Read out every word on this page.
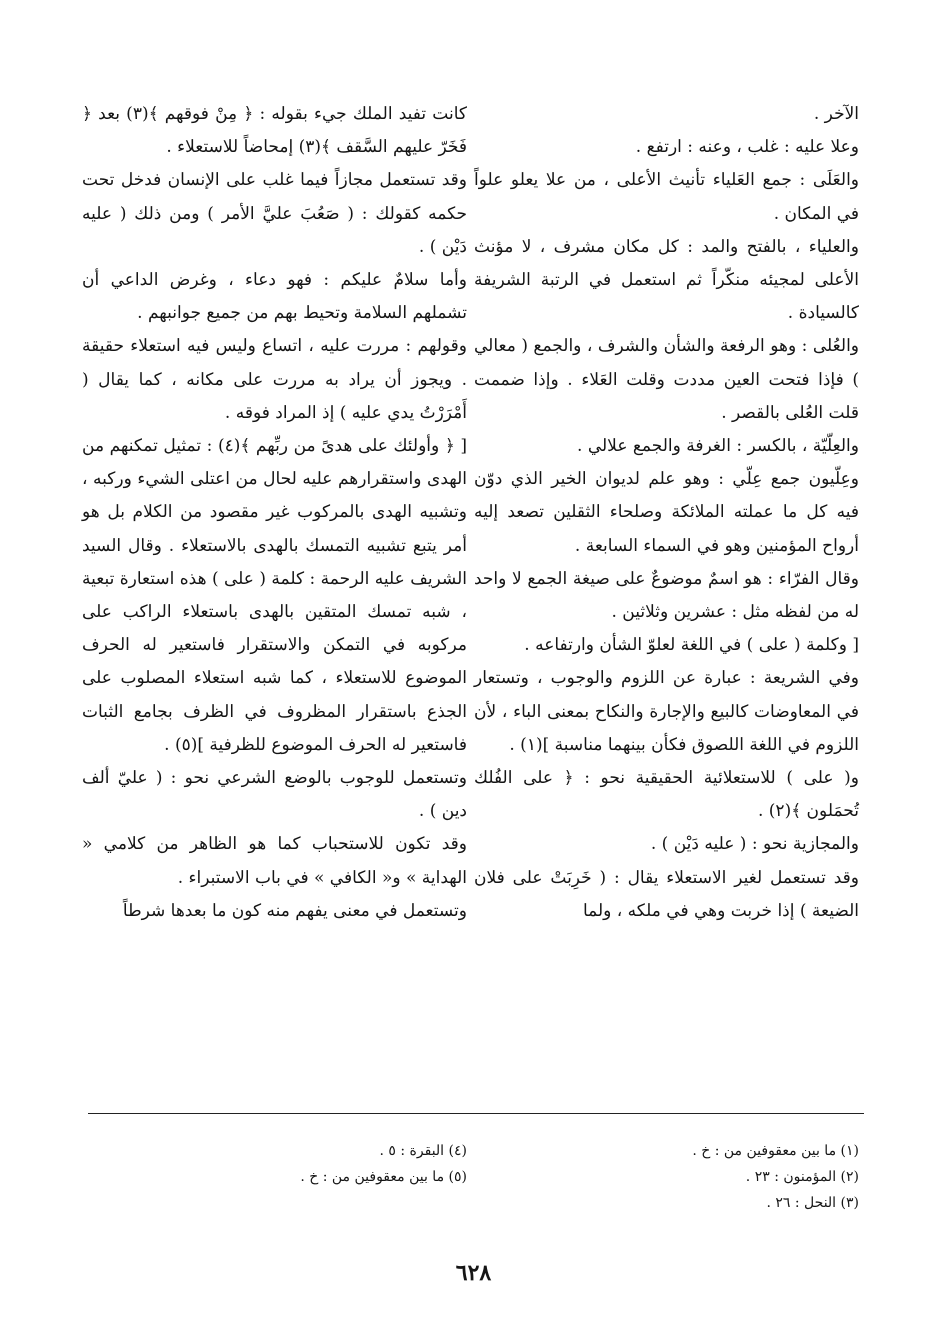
الآخر .

وعلا عليه : غلب ، وعنه : ارتفع .

والعَلَى : جمع العَلياء تأنيث الأعلى ، من علا يعلو علواً في المكان .

والعلياء ، بالفتح والمد : كل مكان مشرف ، لا مؤنث الأعلى لمجيئه منكّراً ثم استعمل في الرتبة الشريفة كالسيادة .

والعُلى : وهو الرفعة والشأن والشرف ، والجمع ( معالي ) فإذا فتحت العين مددت وقلت العَلاء . وإذا ضممت قلت العُلى بالقصر .

والعِلّيّة ، بالكسر : الغرفة والجمع علالي .

وعِلّيون جمع عِلّي : وهو علم لديوان الخير الذي دوّن فيه كل ما عملته الملائكة وصلحاء الثقلين تصعد إليه أرواح المؤمنين وهو في السماء السابعة .

وقال الفرّاء : هو اسمٌ موضوعٌ على صيغة الجمع لا واحد له من لفظه مثل : عشرين وثلاثين .

[ وكلمة ( على ) في اللغة لعلوّ الشأن وارتفاعه .

وفي الشريعة : عبارة عن اللزوم والوجوب ، وتستعار في المعاوضات كالبيع والإجارة والنكاح بمعنى الباء ، لأن اللزوم في اللغة اللصوق فكأن بينهما مناسبة ](١) .

و( على ) للاستعلائية الحقيقية نحو : ﴿ على الفُلك تُحمَلون ﴾(٢) .

والمجازية نحو : ( عليه دَيْن ) .

وقد تستعمل لغير الاستعلاء يقال : ( خَرِبَتْ على فلان الضيعة ) إذا خربت وهي في ملكه ، ولما

كانت تفيد الملك جيء بقوله : ﴿ مِنْ فوقهم ﴾(٣) بعد ﴿ فَخَرّ عليهم السَّقف ﴾(٣) إمحاضاً للاستعلاء .

وقد تستعمل مجازاً فيما غلب على الإنسان فدخل تحت حكمه كقولك : ( صَعُبَ عليَّ الأمر ) ومن ذلك ( عليه دَيْن ) .

وأما سلامٌ عليكم : فهو دعاء ، وغرض الداعي أن تشملهم السلامة وتحيط بهم من جميع جوانبهم .

وقولهم : مررت عليه ، اتساع وليس فيه استعلاء حقيقة . ويجوز أن يراد به مررت على مكانه ، كما يقال ( أَمْرَرْتُ يدي عليه ) إذ المراد فوقه .

[ ﴿ وأولئك على هدىً من ربِّهم ﴾(٤) : تمثيل تمكنهم من الهدى واستقرارهم عليه لحال من اعتلى الشيء وركبه ، وتشبيه الهدى بالمركوب غير مقصود من الكلام بل هو أمر يتبع تشبيه التمسك بالهدى بالاستعلاء . وقال السيد الشريف عليه الرحمة : كلمة ( على ) هذه استعارة تبعية ، شبه تمسك المتقين بالهدى باستعلاء الراكب على مركوبه في التمكن والاستقرار فاستعير له الحرف الموضوع للاستعلاء ، كما شبه استعلاء المصلوب على الجذع باستقرار المظروف في الظرف بجامع الثبات فاستعير له الحرف الموضوع للظرفية ](٥) .

وتستعمل للوجوب بالوضع الشرعي نحو : ( عليّ ألف دين ) .

وقد تكون للاستحباب كما هو الظاهر من كلامي « الهداية » و« الكافي » في باب الاستبراء .

وتستعمل في معنى يفهم منه كون ما بعدها شرطاً

(١) ما بين معقوفين من : خ .
(٢) المؤمنون : ٢٣ .
(٣) النحل : ٢٦ .
(٤) البقرة : ٥ .
(٥) ما بين معقوفين من : خ .
٦٢٨
